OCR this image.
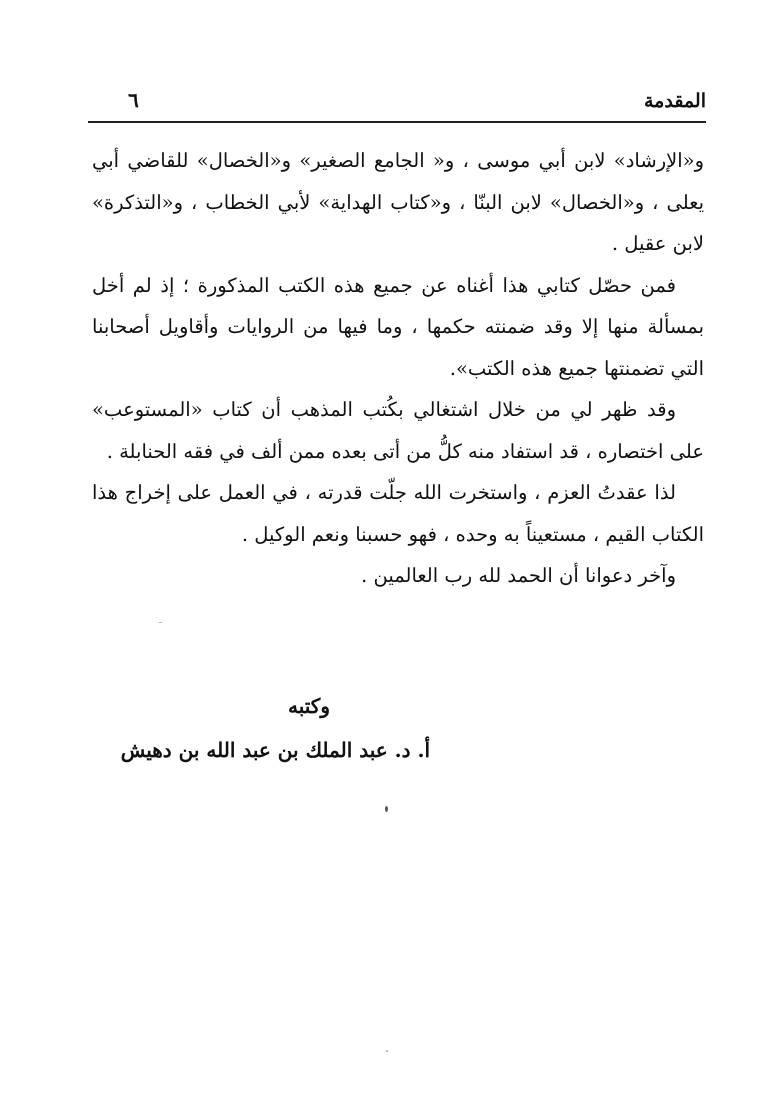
المقدمة
٦

و«الإرشاد» لابن أبي موسى ، و« الجامع الصغير» و«الخصال» للقاضي أبي يعلى ، و«الخصال» لابن البنّا ، و«كتاب الهداية» لأبي الخطاب ، و«التذكرة» لابن عقيل .

فمن حصّل كتابي هذا أغناه عن جميع هذه الكتب المذكورة ؛ إذ لم أخل بمسألة منها إلا وقد ضمنته حكمها ، وما فيها من الروايات وأقاويل أصحابنا التي تضمنتها جميع هذه الكتب».

وقد ظهر لي من خلال اشتغالي بكُتب المذهب أن كتاب «المستوعب» على اختصاره ، قد استفاد منه كلُّ من أتى بعده ممن ألف في فقه الحنابلة .

لذا عقدتُ العزم ، واستخرت الله جلّت قدرته ، في العمل على إخراج هذا الكتاب القيم ، مستعيناً به وحده ، فهو حسبنا ونعم الوكيل .

وآخر دعوانا أن الحمد لله رب العالمين .

وكتبه
أ. د. عبد الملك بن عبد الله بن دهيش
